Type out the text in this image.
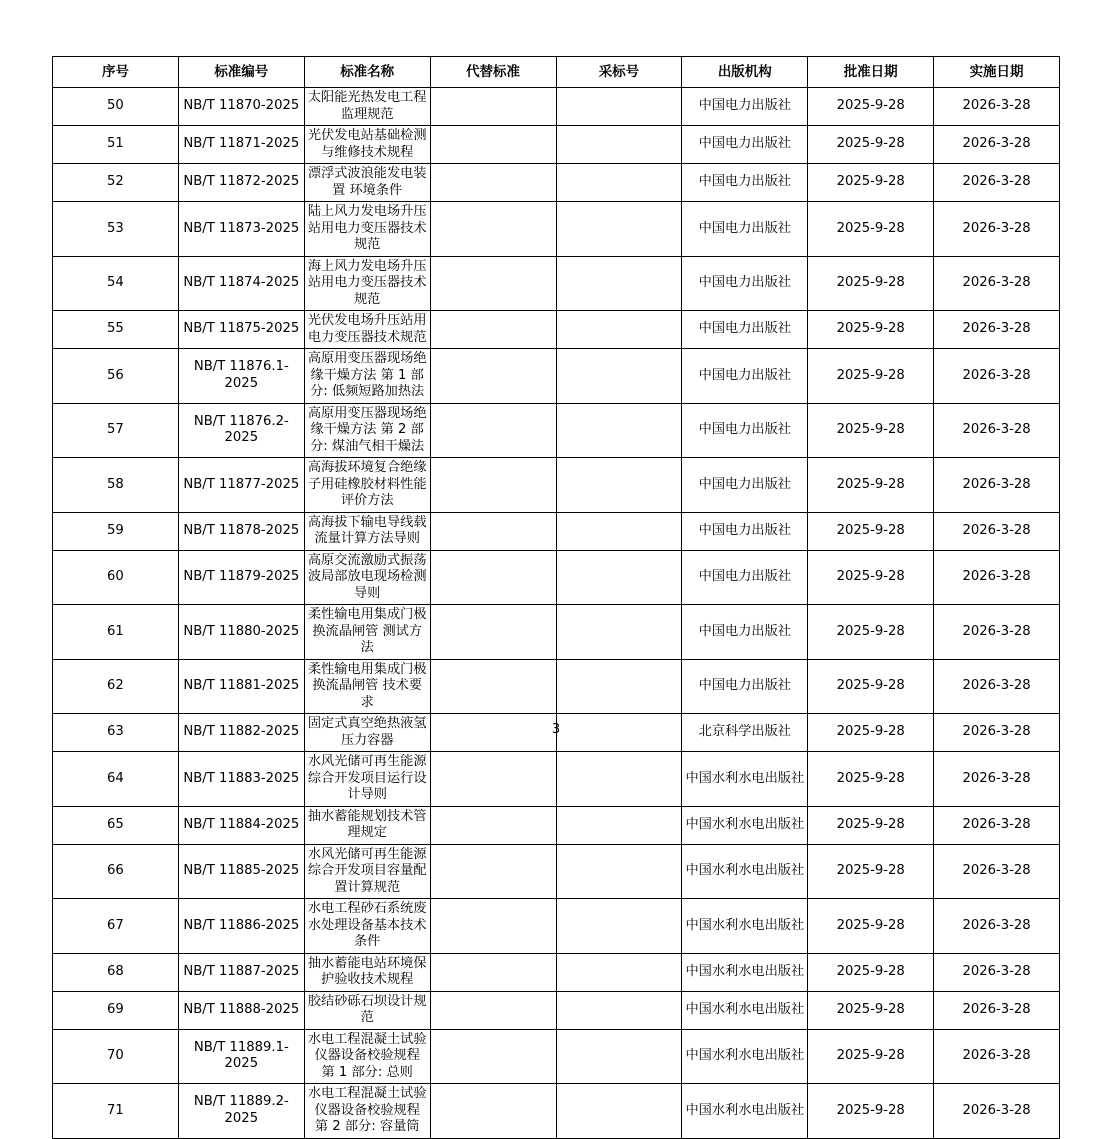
序号	标准编号	标准名称	代替标准	采标号	出版机构	批准日期	实施日期
50	NB/T 11870-2025	太阳能光热发电工程监理规范			中国电力出版社	2025-9-28	2026-3-28
51	NB/T 11871-2025	光伏发电站基础检测与维修技术规程			中国电力出版社	2025-9-28	2026-3-28
52	NB/T 11872-2025	漂浮式波浪能发电装置 环境条件			中国电力出版社	2025-9-28	2026-3-28
53	NB/T 11873-2025	陆上风力发电场升压站用电力变压器技术规范			中国电力出版社	2025-9-28	2026-3-28
54	NB/T 11874-2025	海上风力发电场升压站用电力变压器技术规范			中国电力出版社	2025-9-28	2026-3-28
55	NB/T 11875-2025	光伏发电场升压站用电力变压器技术规范			中国电力出版社	2025-9-28	2026-3-28
56	NB/T 11876.1-2025	高原用变压器现场绝缘干燥方法 第 1 部分: 低频短路加热法			中国电力出版社	2025-9-28	2026-3-28
57	NB/T 11876.2-2025	高原用变压器现场绝缘干燥方法 第 2 部分: 煤油气相干燥法			中国电力出版社	2025-9-28	2026-3-28
58	NB/T 11877-2025	高海拔环境复合绝缘子用硅橡胶材料性能评价方法			中国电力出版社	2025-9-28	2026-3-28
59	NB/T 11878-2025	高海拔下输电导线载流量计算方法导则			中国电力出版社	2025-9-28	2026-3-28
60	NB/T 11879-2025	高原交流激励式振荡波局部放电现场检测导则			中国电力出版社	2025-9-28	2026-3-28
61	NB/T 11880-2025	柔性输电用集成门极换流晶闸管 测试方法			中国电力出版社	2025-9-28	2026-3-28
62	NB/T 11881-2025	柔性输电用集成门极换流晶闸管 技术要求			中国电力出版社	2025-9-28	2026-3-28
63	NB/T 11882-2025	固定式真空绝热液氢压力容器			北京科学出版社	2025-9-28	2026-3-28
64	NB/T 11883-2025	水风光储可再生能源综合开发项目运行设计导则			中国水利水电出版社	2025-9-28	2026-3-28
65	NB/T 11884-2025	抽水蓄能规划技术管理规定			中国水利水电出版社	2025-9-28	2026-3-28
66	NB/T 11885-2025	水风光储可再生能源综合开发项目容量配置计算规范			中国水利水电出版社	2025-9-28	2026-3-28
67	NB/T 11886-2025	水电工程砂石系统废水处理设备基本技术条件			中国水利水电出版社	2025-9-28	2026-3-28
68	NB/T 11887-2025	抽水蓄能电站环境保护验收技术规程			中国水利水电出版社	2025-9-28	2026-3-28
69	NB/T 11888-2025	胶结砂砾石坝设计规范			中国水利水电出版社	2025-9-28	2026-3-28
70	NB/T 11889.1-2025	水电工程混凝土试验仪器设备校验规程 第 1 部分: 总则			中国水利水电出版社	2025-9-28	2026-3-28
71	NB/T 11889.2-2025	水电工程混凝土试验仪器设备校验规程 第 2 部分: 容量筒			中国水利水电出版社	2025-9-28	2026-3-28
3
